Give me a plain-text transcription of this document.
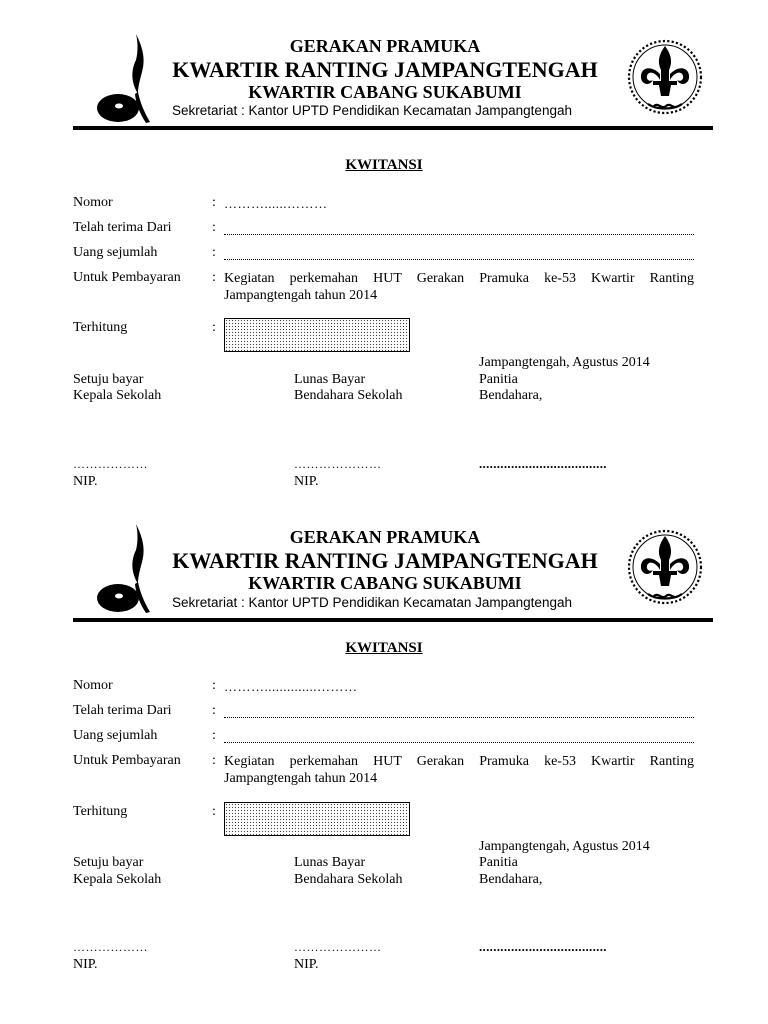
GERAKAN PRAMUKA
KWARTIR RANTING JAMPANGTENGAH
KWARTIR CABANG SUKABUMI
Sekretariat : Kantor UPTD Pendidikan Kecamatan Jampangtengah
KWITANSI
Nomor	: ………......………
Telah terima Dari	:
Uang sejumlah	:
Untuk Pembayaran : Kegiatan perkemahan HUT Gerakan Pramuka ke-53 Kwartir Ranting Jampangtengah tahun 2014
Terhitung	:
Jampangtengah, Agustus 2014
Setuju bayar
Kepala Sekolah
Lunas Bayar
Bendahara Sekolah
Panitia
Bendahara,
………………	…………………	....................................
NIP.	NIP.
GERAKAN PRAMUKA
KWARTIR RANTING JAMPANGTENGAH
KWARTIR CABANG SUKABUMI
Sekretariat : Kantor UPTD Pendidikan Kecamatan Jampangtengah
KWITANSI
Nomor	: ………..............………
Telah terima Dari	:
Uang sejumlah	:
Untuk Pembayaran : Kegiatan perkemahan HUT Gerakan Pramuka ke-53 Kwartir Ranting Jampangtengah tahun 2014
Terhitung	:
Jampangtengah, Agustus 2014
Setuju bayar
Kepala Sekolah
Lunas Bayar
Bendahara Sekolah
Panitia
Bendahara,
………………	…………………	....................................
NIP.	NIP.
